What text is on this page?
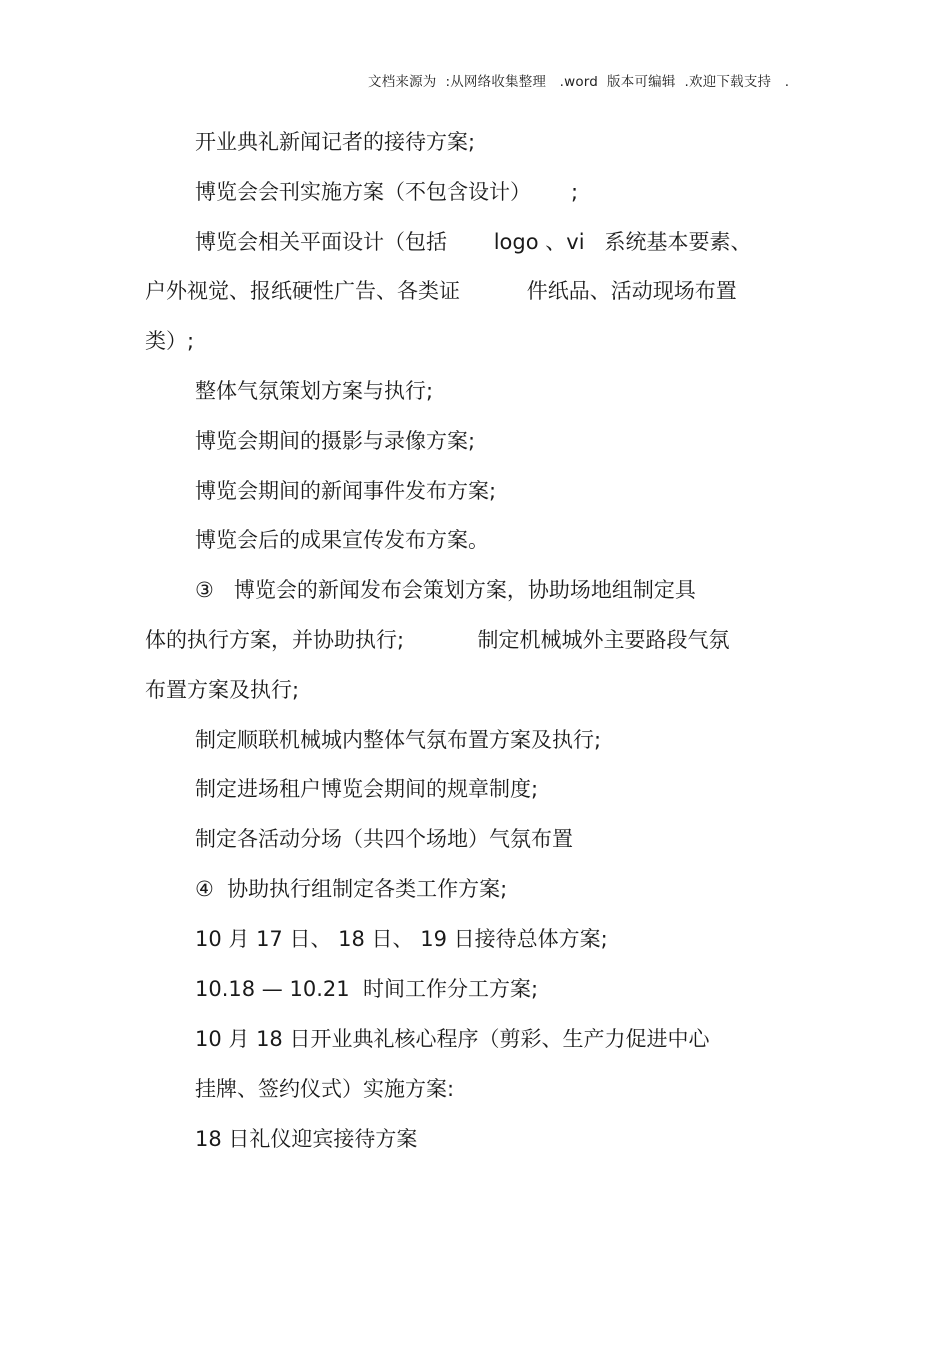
文档来源为  :从网络收集整理   .word  版本可编辑  .欢迎下载支持   .
开业典礼新闻记者的接待方案;
博览会会刊实施方案（不包含设计）      ;
博览会相关平面设计（包括       logo 、vi   系统基本要素、
户外视觉、报纸硬性广告、各类证          件纸品、活动现场布置
类）;
整体气氛策划方案与执行;
博览会期间的摄影与录像方案;
博览会期间的新闻事件发布方案;
博览会后的成果宣传发布方案。
③   博览会的新闻发布会策划方案，协助场地组制定具
体的执行方案，并协助执行;           制定机械城外主要路段气氛
布置方案及执行;
制定顺联机械城内整体气氛布置方案及执行;
制定进场租户博览会期间的规章制度;
制定各活动分场（共四个场地）气氛布置
④  协助执行组制定各类工作方案;
10 月 17 日、 18 日、 19 日接待总体方案;
10.18 — 10.21  时间工作分工方案;
10 月 18 日开业典礼核心程序（剪彩、生产力促进中心
挂牌、签约仪式）实施方案:
18 日礼仪迎宾接待方案
